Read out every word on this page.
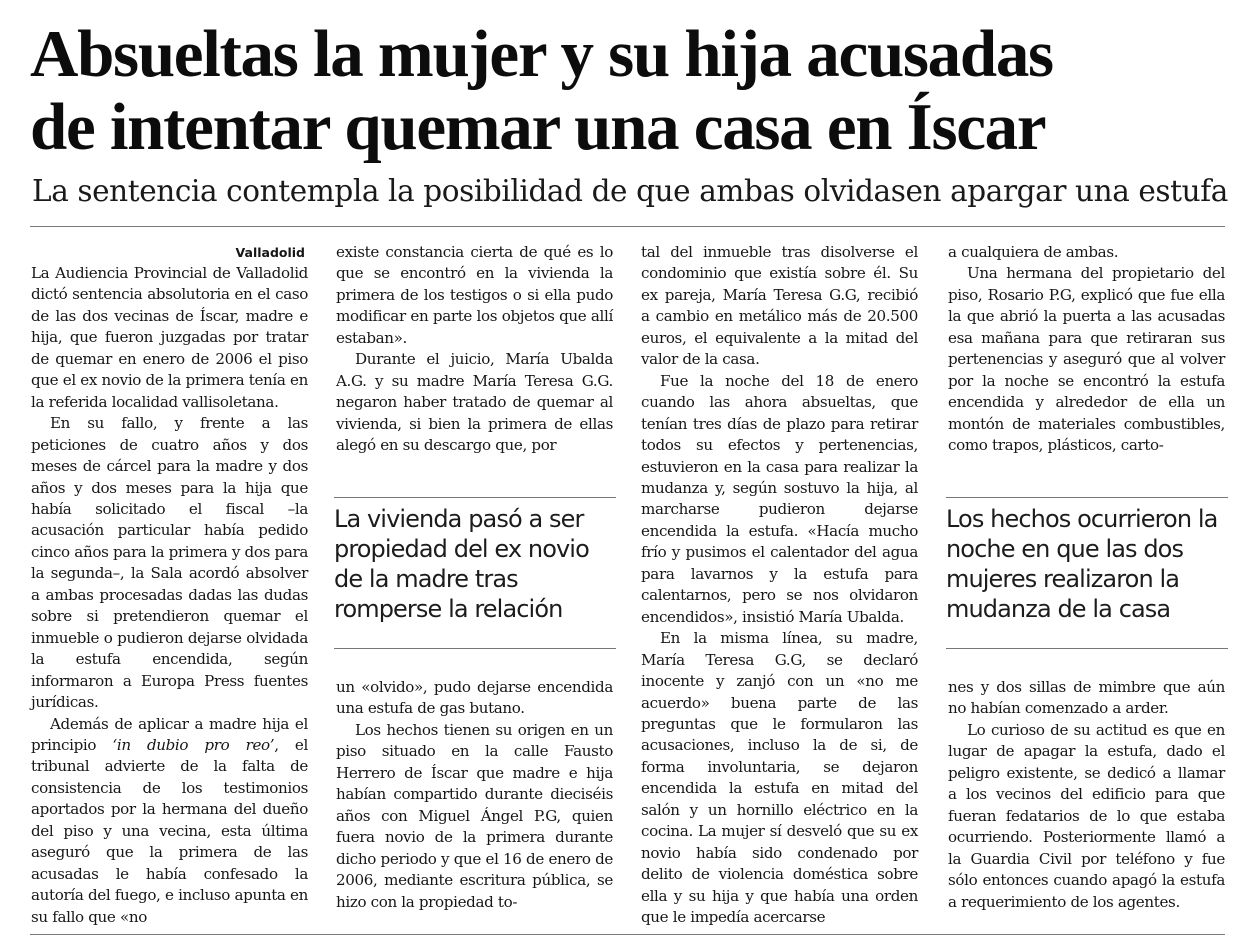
Absueltas la mujer y su hija acusadas
de intentar quemar una casa en Íscar
La sentencia contempla la posibilidad de que ambas olvidasen apargar una estufa
Valladolid

La Audiencia Provincial de Valladolid dictó sentencia absolutoria en el caso de las dos vecinas de Íscar, madre e hija, que fueron juzgadas por tratar de quemar en enero de 2006 el piso que el ex novio de la primera tenía en la referida localidad vallisoletana.

En su fallo, y frente a las peticiones de cuatro años y dos meses de cárcel para la madre y dos años y dos meses para la hija que había solicitado el fiscal –la acusación particular había pedido cinco años para la primera y dos para la segunda–, la Sala acordó absolver a ambas procesadas dadas las dudas sobre si pretendieron quemar el inmueble o pudieron dejarse olvidada la estufa encendida, según informaron a Europa Press fuentes jurídicas.

Además de aplicar a madre hija el principio ‘in dubio pro reo’, el tribunal advierte de la falta de consistencia de los testimonios aportados por la hermana del dueño del piso y una vecina, esta última aseguró que la primera de las acusadas le había confesado la autoría del fuego, e incluso apunta en su fallo que «no

existe constancia cierta de qué es lo que se encontró en la vivienda la primera de los testigos o si ella pudo modificar en parte los objetos que allí estaban».

Durante el juicio, María Ubalda A.G. y su madre María Teresa G.G. negaron haber tratado de quemar al vivienda, si bien la primera de ellas alegó en su descargo que, por

La vivienda pasó a ser propiedad del ex novio de la madre tras romperse la relación

un «olvido», pudo dejarse encendida una estufa de gas butano.

Los hechos tienen su origen en un piso situado en la calle Fausto Herrero de Íscar que madre e hija habían compartido durante dieciséis años con Miguel Ángel P.G, quien fuera novio de la primera durante dicho periodo y que el 16 de enero de 2006, mediante escritura pública, se hizo con la propiedad to-

tal del inmueble tras disolverse el condominio que existía sobre él. Su ex pareja, María Teresa G.G, recibió a cambio en metálico más de 20.500 euros, el equivalente a la mitad del valor de la casa.

Fue la noche del 18 de enero cuando las ahora absueltas, que tenían tres días de plazo para retirar todos su efectos y pertenencias, estuvieron en la casa para realizar la mudanza y, según sostuvo la hija, al marcharse pudieron dejarse encendida la estufa. «Hacía mucho frío y pusimos el calentador del agua para lavarnos y la estufa para calentarnos, pero se nos olvidaron encendidos», insistió María Ubalda.

En la misma línea, su madre, María Teresa G.G, se declaró inocente y zanjó con un «no me acuerdo» buena parte de las preguntas que le formularon las acusaciones, incluso la de si, de forma involuntaria, se dejaron encendida la estufa en mitad del salón y un hornillo eléctrico en la cocina. La mujer sí desveló que su ex novio había sido condenado por delito de violencia doméstica sobre ella y su hija y que había una orden que le impedía acercarse

a cualquiera de ambas.

Una hermana del propietario del piso, Rosario P.G, explicó que fue ella la que abrió la puerta a las acusadas esa mañana para que retiraran sus pertenencias y aseguró que al volver por la noche se encontró la estufa encendida y alrededor de ella un montón de materiales combustibles, como trapos, plásticos, carto-

Los hechos ocurrieron la noche en que las dos mujeres realizaron la mudanza de la casa

nes y dos sillas de mimbre que aún no habían comenzado a arder.

Lo curioso de su actitud es que en lugar de apagar la estufa, dado el peligro existente, se dedicó a llamar a los vecinos del edificio para que fueran fedatarios de lo que estaba ocurriendo. Posteriormente llamó a la Guardia Civil por teléfono y fue sólo entonces cuando apagó la estufa a requerimiento de los agentes.
